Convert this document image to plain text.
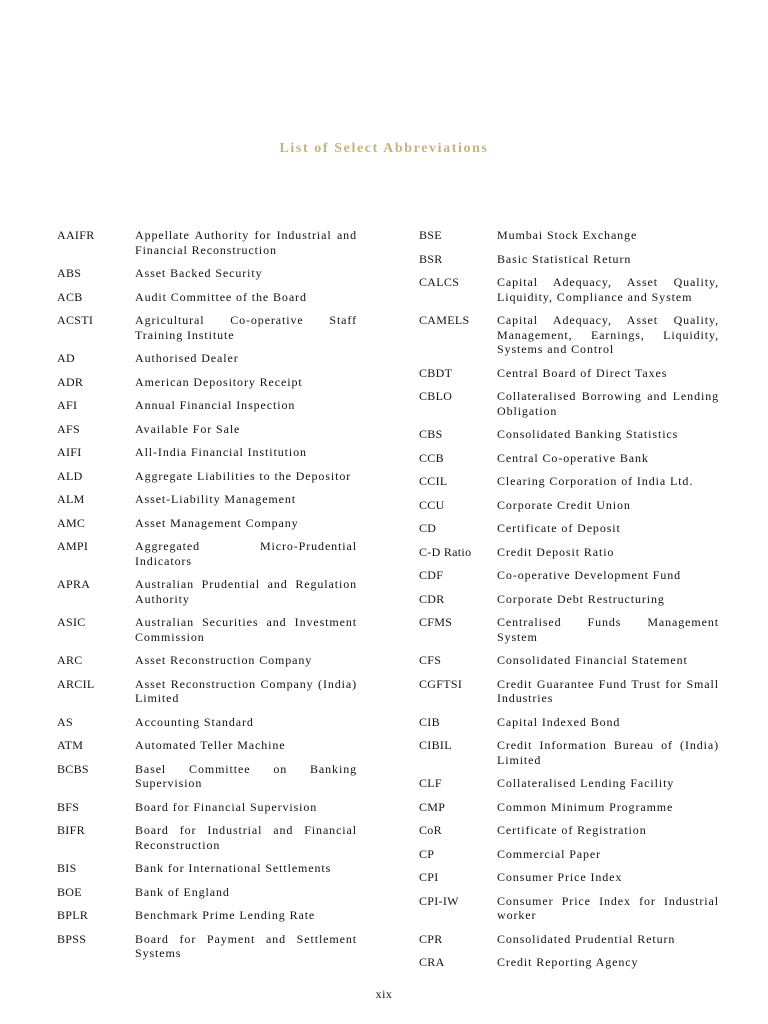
List of Select Abbreviations
AAIFR	Appellate Authority for Industrial and Financial Reconstruction
ABS	Asset Backed Security
ACB	Audit Committee of the Board
ACSTI	Agricultural Co-operative Staff Training Institute
AD	Authorised Dealer
ADR	American Depository Receipt
AFI	Annual Financial Inspection
AFS	Available For Sale
AIFI	All-India Financial Institution
ALD	Aggregate Liabilities to the Depositor
ALM	Asset-Liability Management
AMC	Asset Management Company
AMPI	Aggregated Micro-Prudential Indicators
APRA	Australian Prudential and Regulation Authority
ASIC	Australian Securities and Investment Commission
ARC	Asset Reconstruction Company
ARCIL	Asset Reconstruction Company (India) Limited
AS	Accounting Standard
ATM	Automated Teller Machine
BCBS	Basel Committee on Banking Supervision
BFS	Board for Financial Supervision
BIFR	Board for Industrial and Financial Reconstruction
BIS	Bank for International Settlements
BOE	Bank of England
BPLR	Benchmark Prime Lending Rate
BPSS	Board for Payment and Settlement Systems
BSE	Mumbai Stock Exchange
BSR	Basic Statistical Return
CALCS	Capital Adequacy, Asset Quality, Liquidity, Compliance and System
CAMELS	Capital Adequacy, Asset Quality, Management, Earnings, Liquidity, Systems and Control
CBDT	Central Board of Direct Taxes
CBLO	Collateralised Borrowing and Lending Obligation
CBS	Consolidated Banking Statistics
CCB	Central Co-operative Bank
CCIL	Clearing Corporation of India Ltd.
CCU	Corporate Credit Union
CD	Certificate of Deposit
C-D Ratio	Credit Deposit Ratio
CDF	Co-operative Development Fund
CDR	Corporate Debt Restructuring
CFMS	Centralised Funds Management System
CFS	Consolidated Financial Statement
CGFTSI	Credit Guarantee Fund Trust for Small Industries
CIB	Capital Indexed Bond
CIBIL	Credit Information Bureau of (India) Limited
CLF	Collateralised Lending Facility
CMP	Common Minimum Programme
CoR	Certificate of Registration
CP	Commercial Paper
CPI	Consumer Price Index
CPI-IW	Consumer Price Index for Industrial worker
CPR	Consolidated Prudential Return
CRA	Credit Reporting Agency
xix
